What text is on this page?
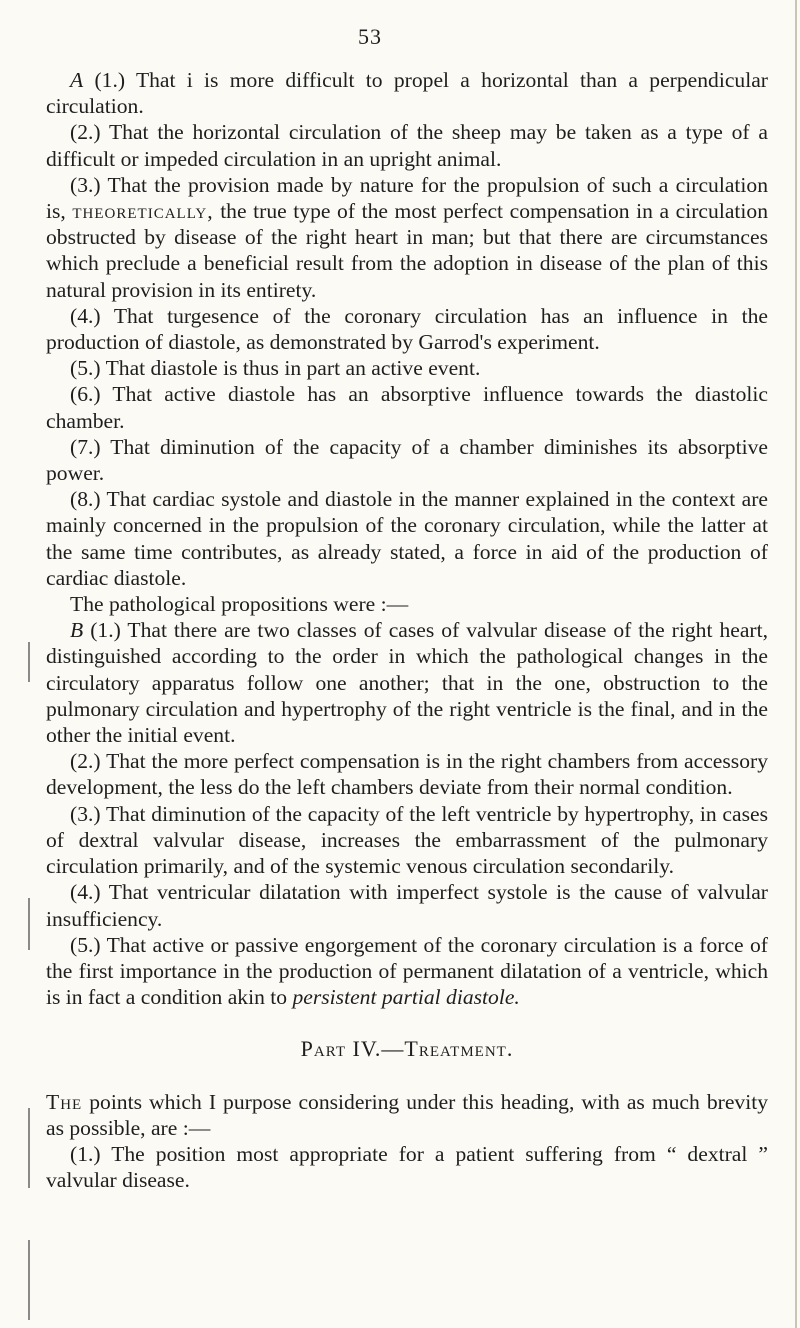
53

A (1.) That i is more difficult to propel a horizontal than a perpendicular circulation.

(2.) That the horizontal circulation of the sheep may be taken as a type of a difficult or impeded circulation in an upright animal.

(3.) That the provision made by nature for the propulsion of such a circulation is, theoretically, the true type of the most perfect compensation in a circulation obstructed by disease of the right heart in man; but that there are circumstances which preclude a beneficial result from the adoption in disease of the plan of this natural provision in its entirety.

(4.) That turgesence of the coronary circulation has an influence in the production of diastole, as demonstrated by Garrod's experiment.

(5.) That diastole is thus in part an active event.

(6.) That active diastole has an absorptive influence towards the diastolic chamber.

(7.) That diminution of the capacity of a chamber diminishes its absorptive power.

(8.) That cardiac systole and diastole in the manner explained in the context are mainly concerned in the propulsion of the coronary circulation, while the latter at the same time contributes, as already stated, a force in aid of the production of cardiac diastole.

The pathological propositions were :—

B (1.) That there are two classes of cases of valvular disease of the right heart, distinguished according to the order in which the pathological changes in the circulatory apparatus follow one another; that in the one, obstruction to the pulmonary circulation and hypertrophy of the right ventricle is the final, and in the other the initial event.

(2.) That the more perfect compensation is in the right chambers from accessory development, the less do the left chambers deviate from their normal condition.

(3.) That diminution of the capacity of the left ventricle by hypertrophy, in cases of dextral valvular disease, increases the embarrassment of the pulmonary circulation primarily, and of the systemic venous circulation secondarily.

(4.) That ventricular dilatation with imperfect systole is the cause of valvular insufficiency.

(5.) That active or passive engorgement of the coronary circulation is a force of the first importance in the production of permanent dilatation of a ventricle, which is in fact a condition akin to persistent partial diastole.

Part IV.—Treatment.

The points which I purpose considering under this heading, with as much brevity as possible, are :—

(1.) The position most appropriate for a patient suffering from “ dextral ” valvular disease.
